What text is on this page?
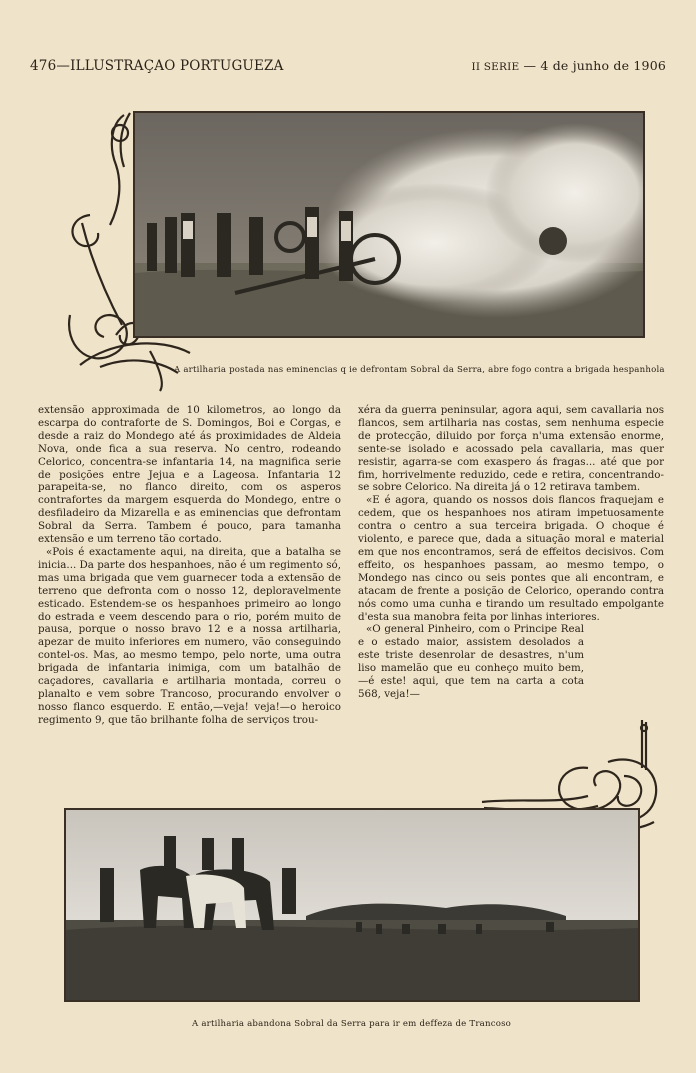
476—ILLUSTRAÇAO PORTUGUEZA	II SERIE — 4 de junho de 1906
A artilharia postada nas eminencias q ie defrontam Sobral da Serra, abre fogo contra a brigada hespanhola

extensão approximada de 10 kilometros, ao longo da escarpa do contraforte de S. Domingos, Boi e Corgas, e desde a raiz do Mondego até ás proximidades de Aldeia Nova, onde fica a sua reserva. No centro, rodeando Celorico, concentra-se infantaria 14, na magnifica serie de posições entre Jejua e a Lageosa. Infantaria 12 parapeita-se, no flanco direito, com os asperos contrafortes da margem esquerda do Mondego, entre o desfiladeiro da Mizarella e as eminencias que defrontam Sobral da Serra. Tambem é pouco, para tamanha extensão e um terreno tão cortado.

«Pois é exactamente aqui, na direita, que a batalha se inicia... Da parte dos hespanhoes, não é um regimento só, mas uma brigada que vem guarnecer toda a extensão de terreno que defronta com o nosso 12, deploravelmente esticado. Estendem-se os hespanhoes primeiro ao longo do estrada e veem descendo para o rio, porém muito de pausa, porque o nosso bravo 12 e a nossa artilharia, apezar de muito inferiores em numero, vão conseguindo contel-os. Mas, ao mesmo tempo, pelo norte, uma outra brigada de infantaria inimiga, com um batalhão de caçadores, cavallaria e artilharia montada, correu o planalto e vem sobre Trancoso, procurando envolver o nosso flanco esquerdo. E então,—veja! veja!—o heroico regimento 9, que tão brilhante folha de serviços trou-

xéra da guerra peninsular, agora aqui, sem cavallaria nos flancos, sem artilharia nas costas, sem nenhuma especie de protecção, diluido por força n'uma extensão enorme, sente-se isolado e acossado pela cavallaria, mas quer resistir, agarra-se com exaspero ás fragas... até que por fim, horrivelmente reduzido, cede e retira, concentrando-se sobre Celorico. Na direita já o 12 retirava tambem.

«E é agora, quando os nossos dois flancos fraquejam e cedem, que os hespanhoes nos atiram impetuosamente contra o centro a sua terceira brigada. O choque é violento, e parece que, dada a situação moral e material em que nos encontramos, será de effeitos decisivos. Com effeito, os hespanhoes passam, ao mesmo tempo, o Mondego nas cinco ou seis pontes que ali encontram, e atacam de frente a posição de Celorico, operando contra nós como uma cunha e tirando um resultado empolgante d'esta sua manobra feita por linhas interiores.

«O general Pinheiro, com o Principe Real e o estado maior, assistem desolados a este triste desenrolar de desastres, n'um liso mamelão que eu conheço muito bem,—é este! aqui, que tem na carta a cota 568, veja!—

A artilharia abandona Sobral da Serra para ir em deffeza de Trancoso
